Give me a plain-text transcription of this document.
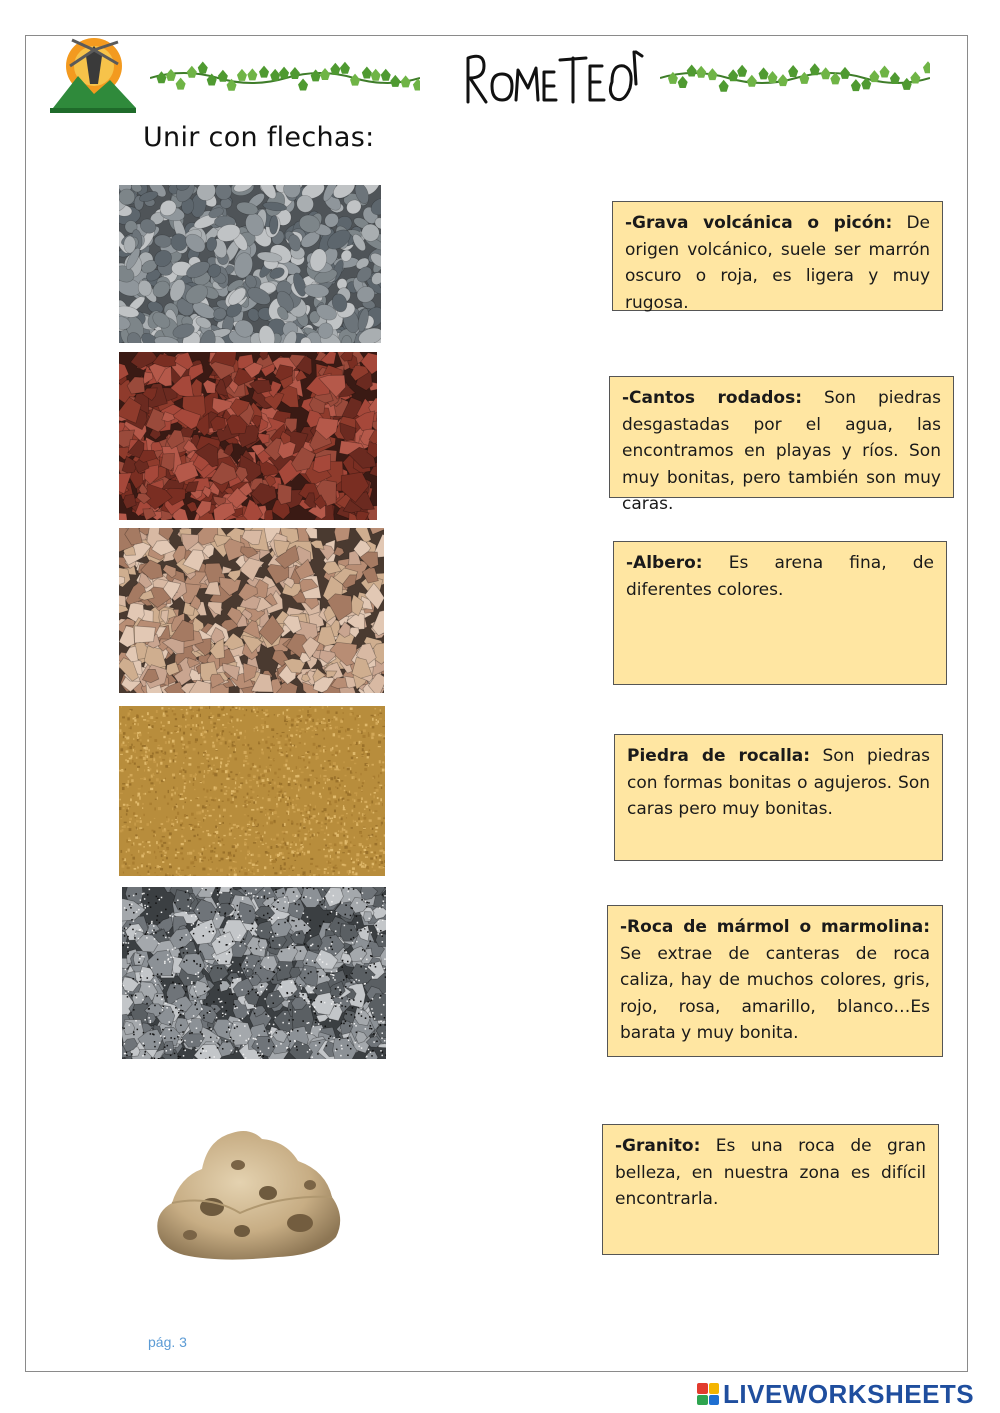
Unir con flechas:
-Grava volcánica o picón: De origen volcánico, suele ser marrón oscuro o roja, es ligera y muy rugosa.
-Cantos rodados: Son piedras desgastadas por el agua, las encontramos en playas y ríos. Son muy bonitas, pero también son muy caras.
-Albero: Es arena fina, de diferentes colores.
Piedra de rocalla: Son piedras con formas bonitas o agujeros. Son caras pero muy bonitas.
-Roca de mármol o marmolina: Se extrae de canteras de roca caliza, hay de muchos colores, gris, rojo, rosa, amarillo, blanco…Es barata y muy bonita.
-Granito: Es una roca de gran belleza, en nuestra zona es difícil encontrarla.
pág. 3
LIVEWORKSHEETS
